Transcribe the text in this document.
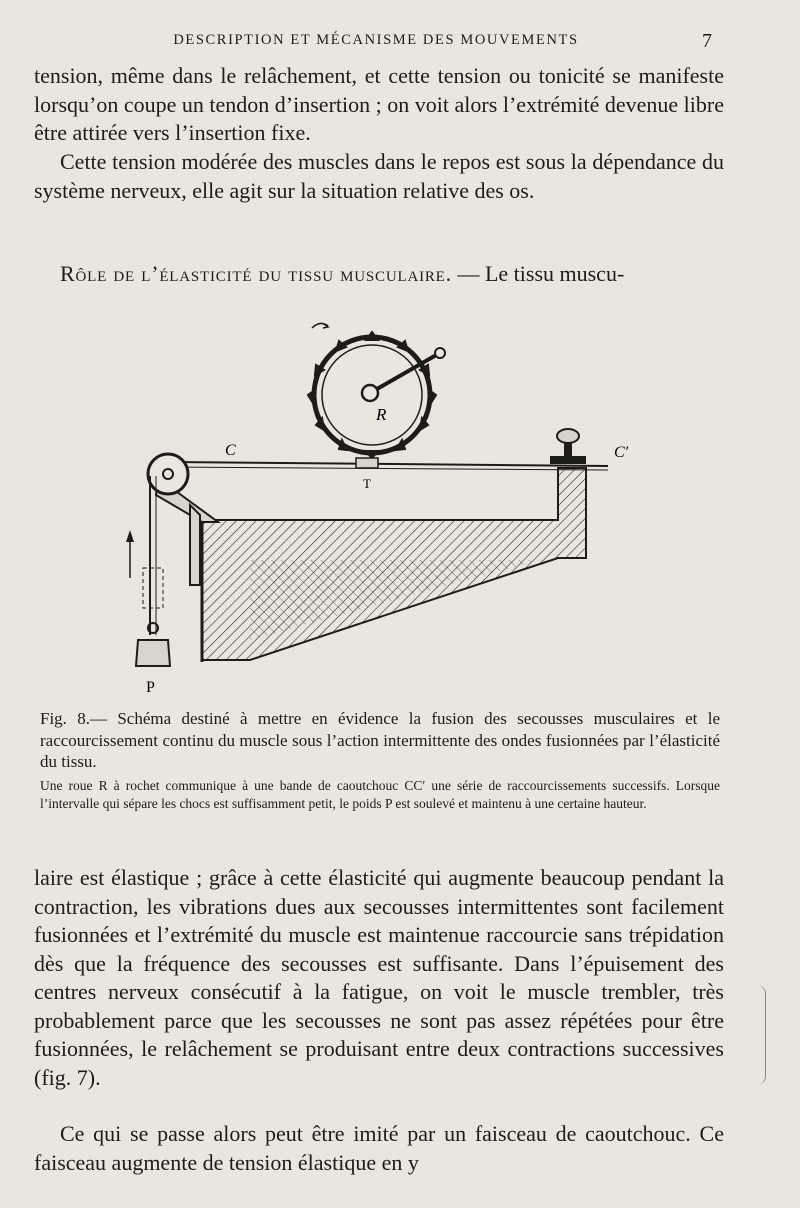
DESCRIPTION ET MÉCANISME DES MOUVEMENTS	7

tension, même dans le relâchement, et cette tension ou tonicité se manifeste lorsqu’on coupe un tendon d’insertion ; on voit alors l’extrémité devenue libre être attirée vers l’insertion fixe.

Cette tension modérée des muscles dans le repos est sous la dépendance du système nerveux, elle agit sur la situation relative des os.

Rôle de l’élasticité du tissu musculaire. — Le tissu muscu-

R
C	C′
T
P

Fig. 8.— Schéma destiné à mettre en évidence la fusion des secousses musculaires et le raccourcissement continu du muscle sous l’action intermittente des ondes fusionnées par l’élasticité du tissu.

Une roue R à rochet communique à une bande de caoutchouc CC′ une série de raccourcissements successifs. Lorsque l’intervalle qui sépare les chocs est suffisamment petit, le poids P est soulevé et maintenu à une certaine hauteur.

laire est élastique ; grâce à cette élasticité qui augmente beaucoup pendant la contraction, les vibrations dues aux secousses intermittentes sont facilement fusionnées et l’extrémité du muscle est maintenue raccourcie sans trépidation dès que la fréquence des secousses est suffisante. Dans l’épuisement des centres nerveux consécutif à la fatigue, on voit le muscle trembler, très probablement parce que les secousses ne sont pas assez répétées pour être fusionnées, le relâchement se produisant entre deux contractions successives (fig. 7).

Ce qui se passe alors peut être imité par un faisceau de caoutchouc. Ce faisceau augmente de tension élastique en y
